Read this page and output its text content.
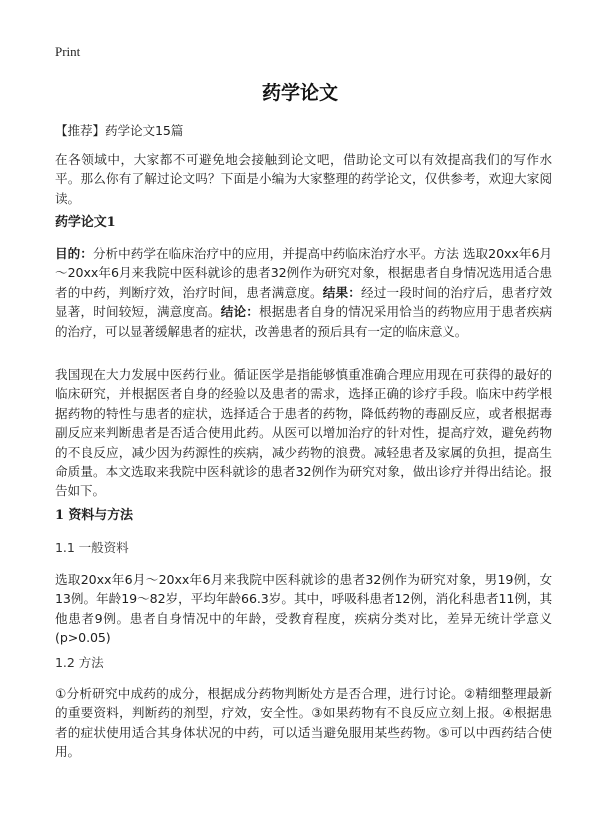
Print
药学论文
【推荐】药学论文15篇
在各领域中，大家都不可避免地会接触到论文吧，借助论文可以有效提高我们的写作水平。那么你有了解过论文吗？下面是小编为大家整理的药学论文，仅供参考，欢迎大家阅读。
药学论文1
目的：分析中药学在临床治疗中的应用，并提高中药临床治疗水平。方法 选取20xx年6月～20xx年6月来我院中医科就诊的患者32例作为研究对象，根据患者自身情况选用适合患者的中药，判断疗效，治疗时间，患者满意度。结果：经过一段时间的治疗后，患者疗效显著，时间较短，满意度高。结论：根据患者自身的情况采用恰当的药物应用于患者疾病的治疗，可以显著缓解患者的症状，改善患者的预后具有一定的临床意义。
我国现在大力发展中医药行业。循证医学是指能够慎重准确合理应用现在可获得的最好的临床研究，并根据医者自身的经验以及患者的需求，选择正确的诊疗手段。临床中药学根据药物的特性与患者的症状，选择适合于患者的药物，降低药物的毒副反应，或者根据毒副反应来判断患者是否适合使用此药。从医可以增加治疗的针对性，提高疗效，避免药物的不良反应，减少因为药源性的疾病，减少药物的浪费。减轻患者及家属的负担，提高生命质量。本文选取来我院中医科就诊的患者32例作为研究对象，做出诊疗并得出结论。报告如下。
1 资料与方法
1.1 一般资料
选取20xx年6月～20xx年6月来我院中医科就诊的患者32例作为研究对象，男19例，女13例。年龄19～82岁，平均年龄66.3岁。其中，呼吸科患者12例，消化科患者11例，其他患者9例。患者自身情况中的年龄，受教育程度，疾病分类对比，差异无统计学意义(p>0.05)
1.2 方法
①分析研究中成药的成分，根据成分药物判断处方是否合理，进行讨论。②精细整理最新的重要资料，判断药的剂型，疗效，安全性。③如果药物有不良反应立刻上报。④根据患者的症状使用适合其身体状况的中药，可以适当避免服用某些药物。⑤可以中西药结合使用。
